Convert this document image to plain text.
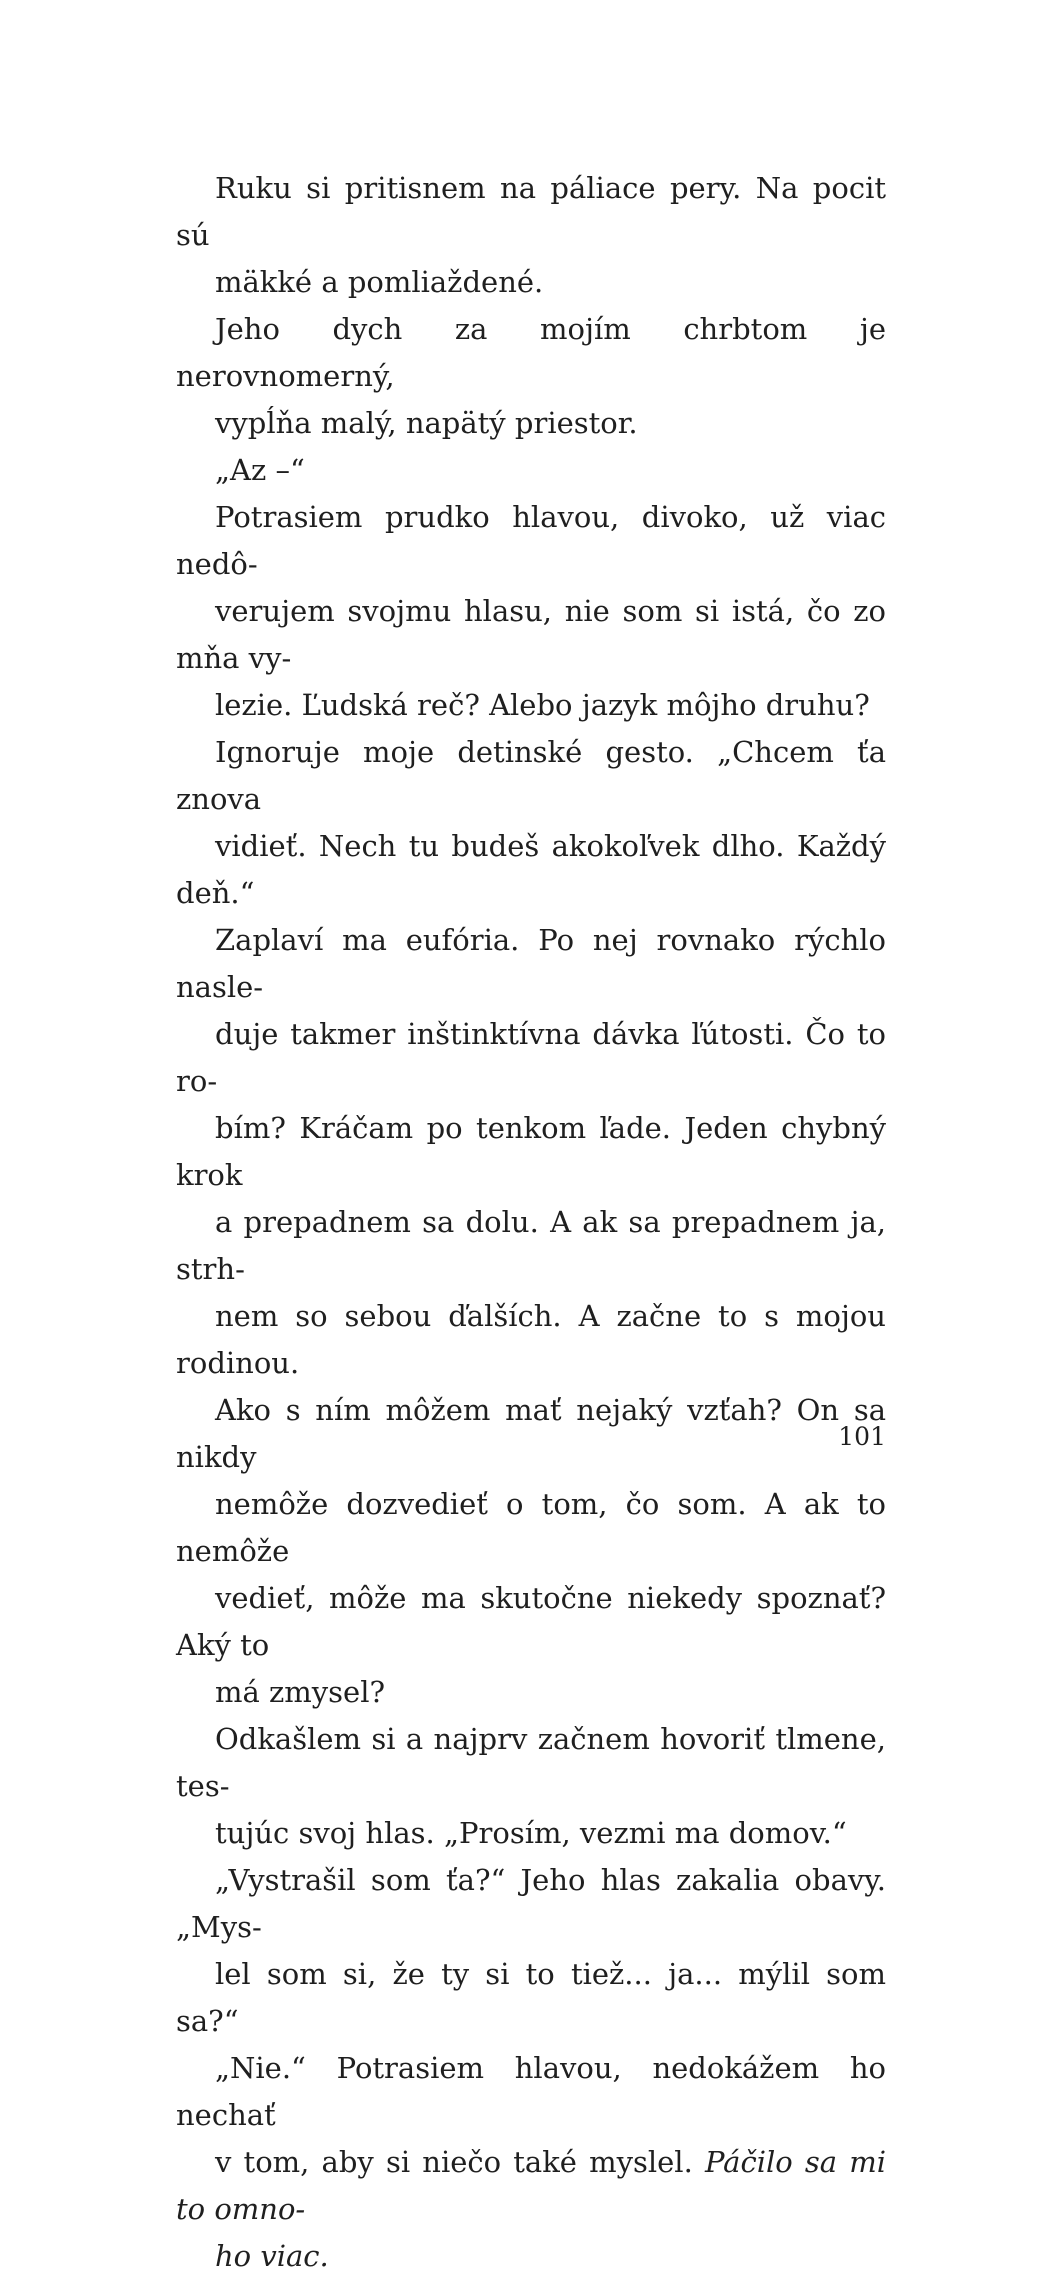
Ruku si pritisnem na páliace pery. Na pocit sú
mäkké a pomliaždené.

Jeho dych za mojím chrbtom je nerovnomerný,
vypĺňa malý, napätý priestor.

„Az –“

Potrasiem prudko hlavou, divoko, už viac nedô-
verujem svojmu hlasu, nie som si istá, čo zo mňa vy-
lezie. Ľudská reč? Alebo jazyk môjho druhu?

Ignoruje moje detinské gesto. „Chcem ťa znova
vidieť. Nech tu budeš akokoľvek dlho. Každý deň.“

Zaplaví ma eufória. Po nej rovnako rýchlo nasle-
duje takmer inštinktívna dávka ľútosti. Čo to ro-
bím? Kráčam po tenkom ľade. Jeden chybný krok
a prepadnem sa dolu. A ak sa prepadnem ja, strh-
nem so sebou ďalších. A začne to s mojou rodinou.

Ako s ním môžem mať nejaký vzťah? On sa nikdy
nemôže dozvedieť o tom, čo som. A ak to nemôže
vedieť, môže ma skutočne niekedy spoznať? Aký to
má zmysel?

Odkašlem si a najprv začnem hovoriť tlmene, tes-
tujúc svoj hlas. „Prosím, vezmi ma domov.“

„Vystrašil som ťa?“ Jeho hlas zakalia obavy. „Mys-
lel som si, že ty si to tiež... ja... mýlil som sa?“

„Nie.“ Potrasiem hlavou, nedokážem ho nechať
v tom, aby si niečo také myslel. Páčilo sa mi to omno-
ho viac.

101
